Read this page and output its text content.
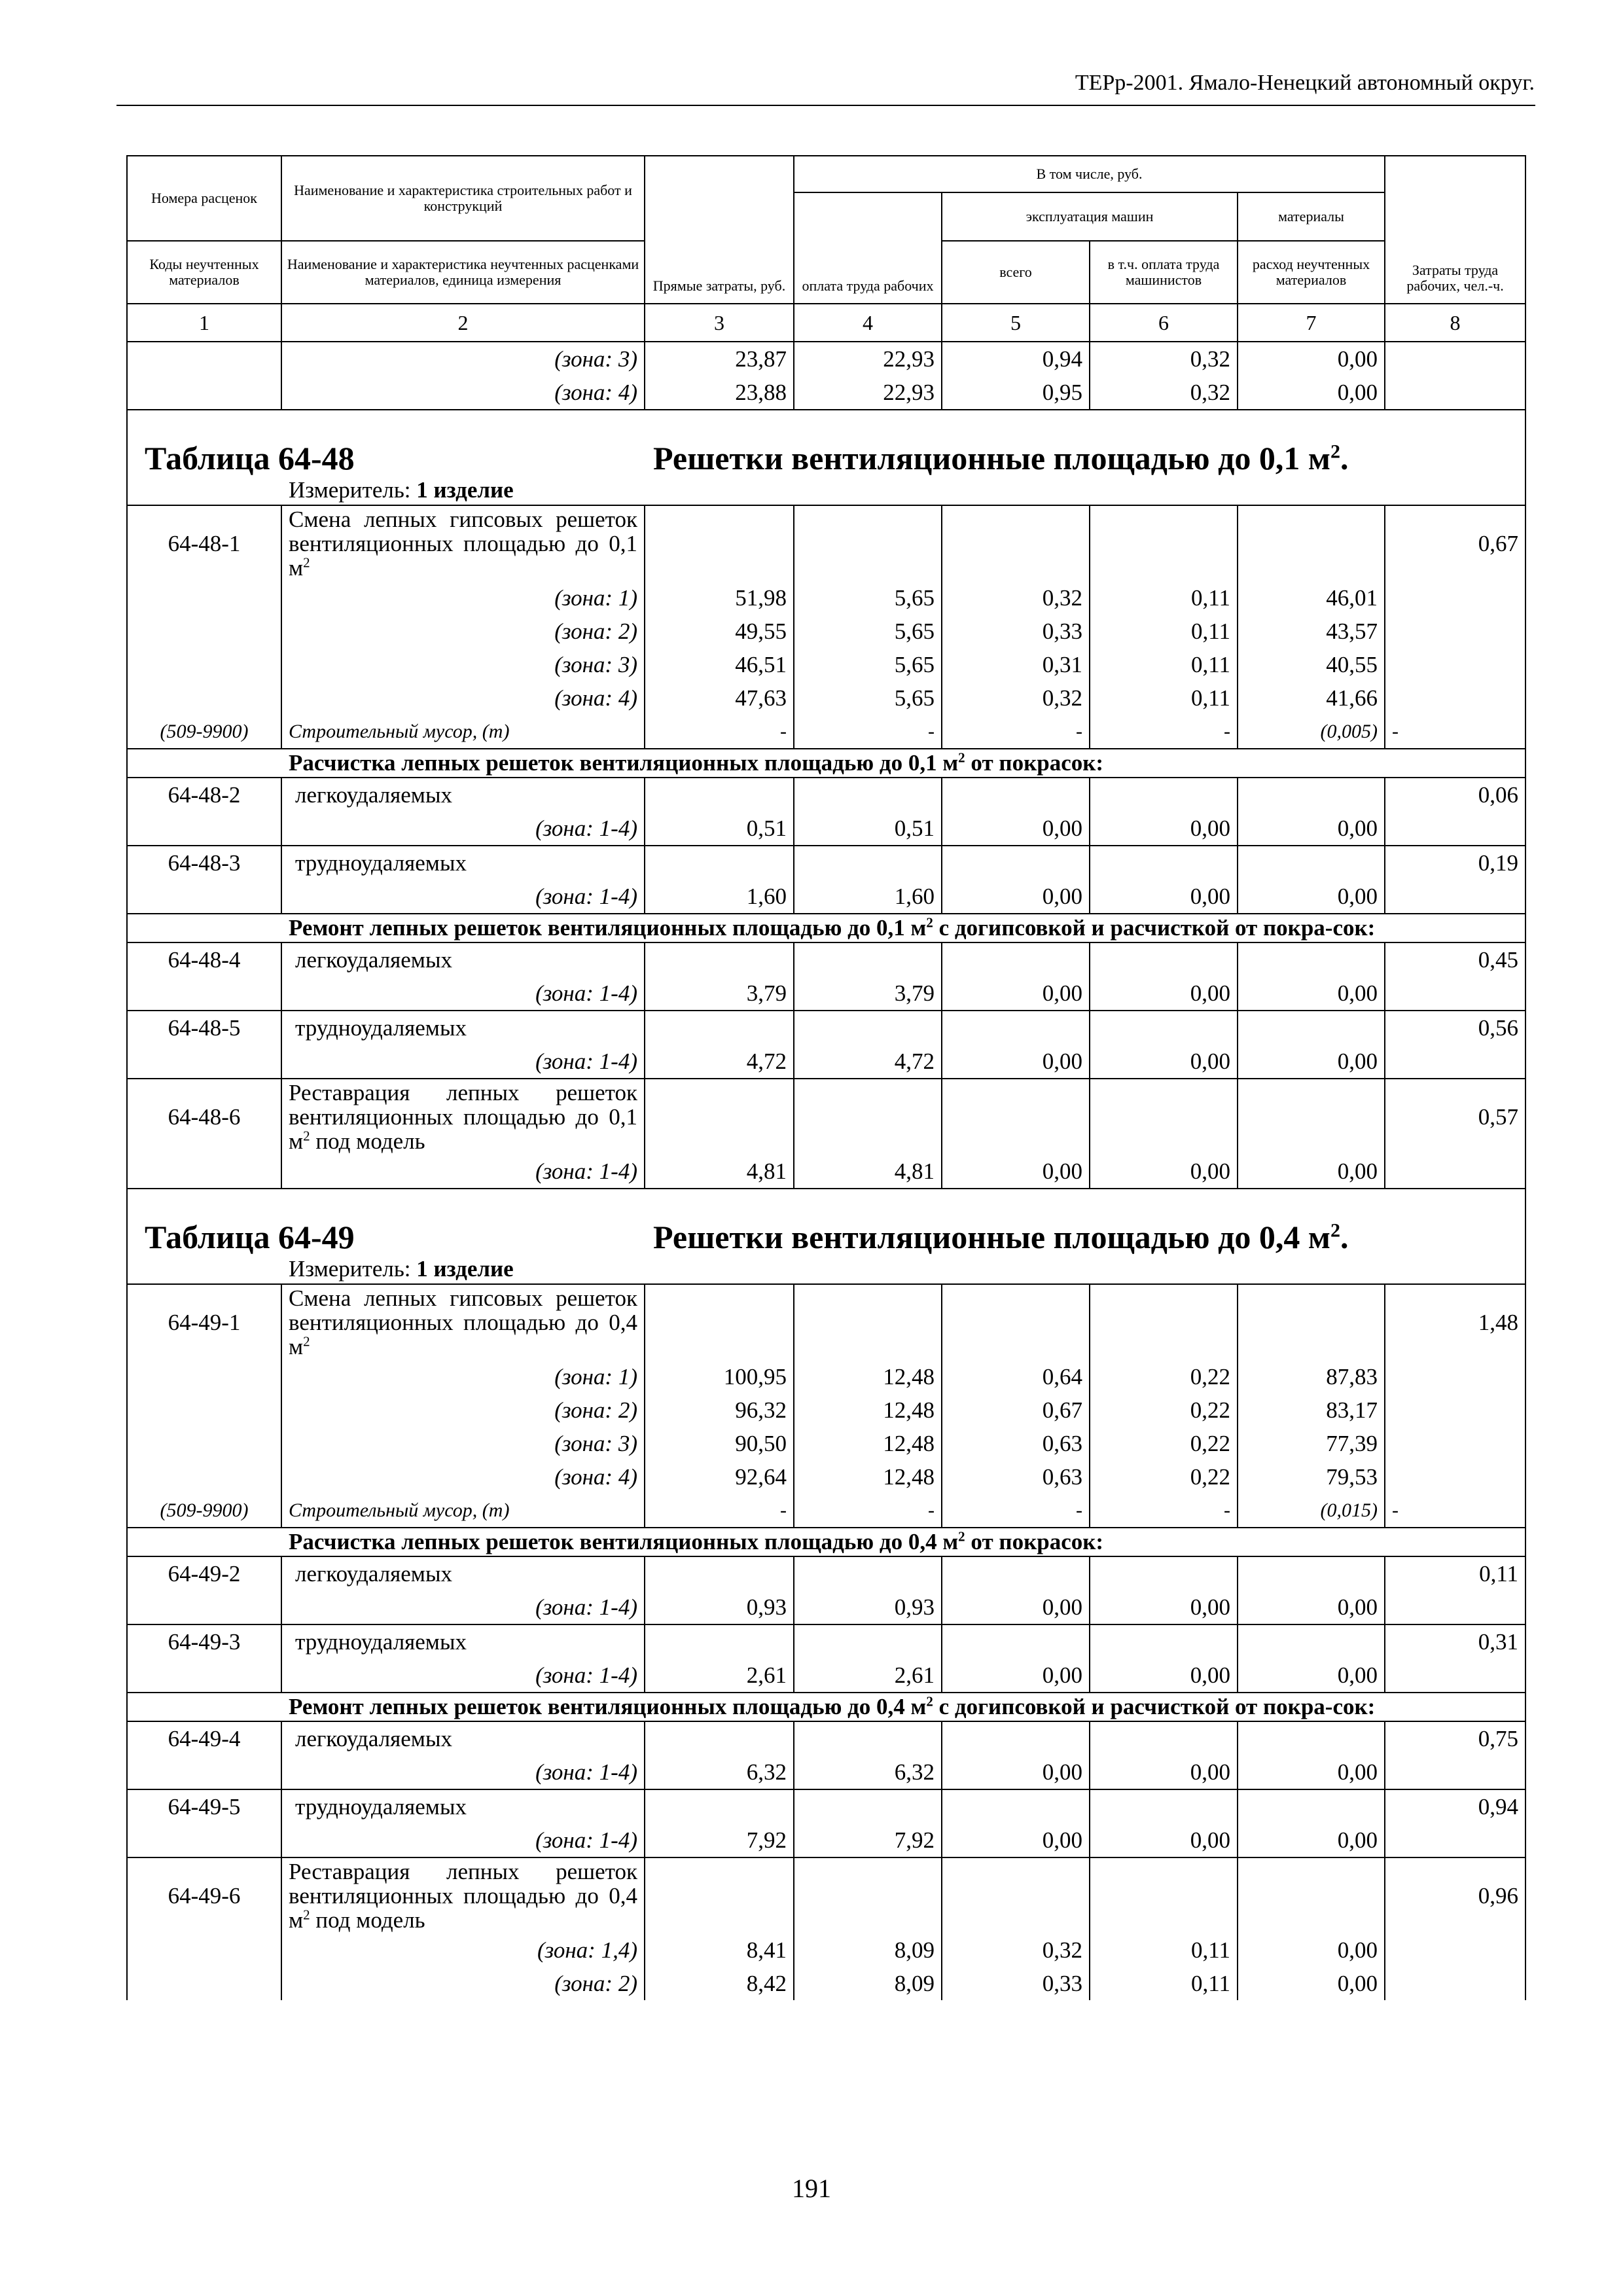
ТЕРр-2001. Ямало-Ненецкий автономный округ.
Номера расценок	Наименование и характеристика строительных работ и конструкций	Прямые затраты, руб.	В том числе, руб.				Затраты труда рабочих, чел.-ч.
			оплата труда рабочих	эксплуатация машин		материалы	
Коды неучтенных материалов	Наименование и характеристика неучтенных расценками материалов, единица измерения			всего	в т.ч. оплата труда машинистов	расход неучтенных материалов	
1	2	3	4	5	6	7	8
	(зона: 3)	23,87	22,93	0,94	0,32	0,00	
	(зона: 4)	23,88	22,93	0,95	0,32	0,00	

Таблица 64-48 Решетки вентиляционные площадью до 0,1 $м^2$.							

Измеритель: 1 изделие							
64-48-1	Смена лепных гипсовых решеток вентиляционных площадью до 0,1 $м^2$						0,67
	(зона: 1)	51,98	5,65	0,32	0,11	46,01	
	(зона: 2)	49,55	5,65	0,33	0,11	43,57	
	(зона: 3)	46,51	5,65	0,31	0,11	40,55	
	(зона: 4)	47,63	5,65	0,32	0,11	41,66	
(509-9900)	Строительный мусор, (т)	-	-	-	-	(0,005)	-
Расчистка лепных решеток вентиляционных площадью до 0,1 $м^2$ от покрасок:							
64-48-2	легкоудаляемых						0,06
	(зона: 1-4)	0,51	0,51	0,00	0,00	0,00	
64-48-3	трудноудаляемых						0,19
	(зона: 1-4)	1,60	1,60	0,00	0,00	0,00	
Ремонт лепных решеток вентиляционных площадью до 0,1 $м^2$ с догипсовкой и расчисткой от покра-сок:							
64-48-4	легкоудаляемых						0,45
	(зона: 1-4)	3,79	3,79	0,00	0,00	0,00	
64-48-5	трудноудаляемых						0,56
	(зона: 1-4)	4,72	4,72	0,00	0,00	0,00	
64-48-6	Реставрация лепных решеток вентиляционных площадью до 0,1 $м^2$ под модель						0,57
	(зона: 1-4)	4,81	4,81	0,00	0,00	0,00	

Таблица 64-49 Решетки вентиляционные площадью до 0,4 $м^2$.							

Измеритель: 1 изделие							
64-49-1	Смена лепных гипсовых решеток вентиляционных площадью до 0,4 $м^2$						1,48
	(зона: 1)	100,95	12,48	0,64	0,22	87,83	
	(зона: 2)	96,32	12,48	0,67	0,22	83,17	
	(зона: 3)	90,50	12,48	0,63	0,22	77,39	
	(зона: 4)	92,64	12,48	0,63	0,22	79,53	
(509-9900)	Строительный мусор, (т)	-	-	-	-	(0,015)	-
Расчистка лепных решеток вентиляционных площадью до 0,4 $м^2$ от покрасок:							
64-49-2	легкоудаляемых						0,11
	(зона: 1-4)	0,93	0,93	0,00	0,00	0,00	
64-49-3	трудноудаляемых						0,31
	(зона: 1-4)	2,61	2,61	0,00	0,00	0,00	
Ремонт лепных решеток вентиляционных площадью до 0,4 $м^2$ с догипсовкой и расчисткой от покра-сок:							
64-49-4	легкоудаляемых						0,75
	(зона: 1-4)	6,32	6,32	0,00	0,00	0,00	
64-49-5	трудноудаляемых						0,94
	(зона: 1-4)	7,92	7,92	0,00	0,00	0,00	
64-49-6	Реставрация лепных решеток вентиляционных площадью до 0,4 $м^2$ под модель						0,96
	(зона: 1,4)	8,41	8,09	0,32	0,11	0,00	
	(зона: 2)	8,42	8,09	0,33	0,11	0,00	
191
